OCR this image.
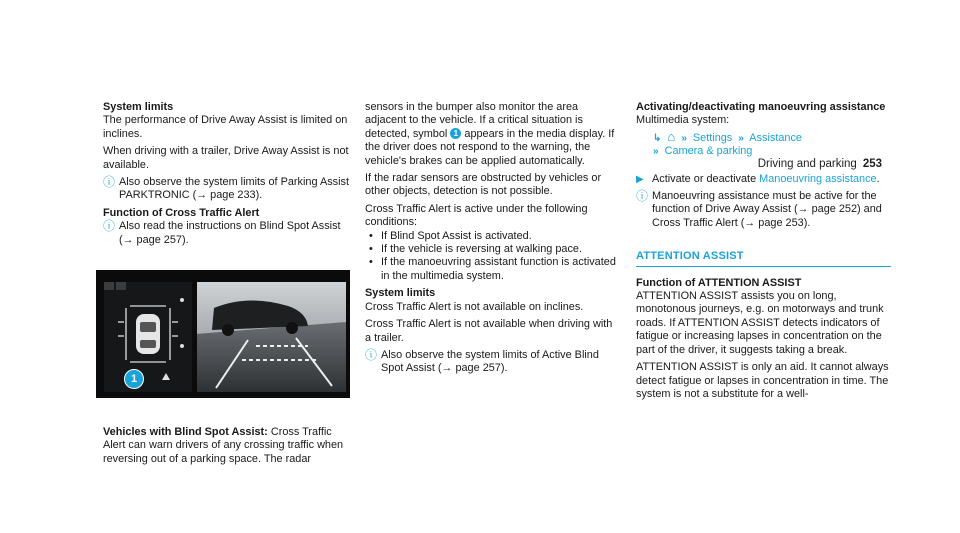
Driving and parking 253
System limits

The performance of Drive Away Assist is limited on inclines.

When driving with a trailer, Drive Away Assist is not available.

ⓘ Also observe the system limits of Parking Assist PARKTRONIC (→ page 233).
Function of Cross Traffic Alert
ⓘ Also read the instructions on Blind Spot Assist (→ page 257).

Vehicles with Blind Spot Assist: Cross Traffic Alert can warn drivers of any crossing traffic when reversing out of a parking space. The radar

1

sensors in the bumper also monitor the area adjacent to the vehicle. If a critical situation is detected, symbol 1 appears in the media display. If the driver does not respond to the warning, the vehicle's brakes can be applied automatically.

If the radar sensors are obstructed by vehicles or other objects, detection is not possible.

Cross Traffic Alert is active under the following conditions:

• If Blind Spot Assist is activated.
• If the vehicle is reversing at walking pace.
• If the manoeuvring assistant function is activated in the multimedia system.
System limits

Cross Traffic Alert is not available on inclines.

Cross Traffic Alert is not available when driving with a trailer.

ⓘ Also observe the system limits of Active Blind Spot Assist (→ page 257).
Activating/deactivating manoeuvring assistance

Multimedia system:

↳ ⌂ » Settings » Assistance
» Camera & parking
▶ Activate or deactivate Manoeuvring assistance.
ⓘ Manoeuvring assistance must be active for the function of Drive Away Assist (→ page 252) and Cross Traffic Alert (→ page 253).
ATTENTION ASSIST
Function of ATTENTION ASSIST

ATTENTION ASSIST assists you on long, monotonous journeys, e.g. on motorways and trunk roads. If ATTENTION ASSIST detects indicators of fatigue or increasing lapses in concentration on the part of the driver, it suggests taking a break.

ATTENTION ASSIST is only an aid. It cannot always detect fatigue or lapses in concentration in time. The system is not a substitute for a well-
